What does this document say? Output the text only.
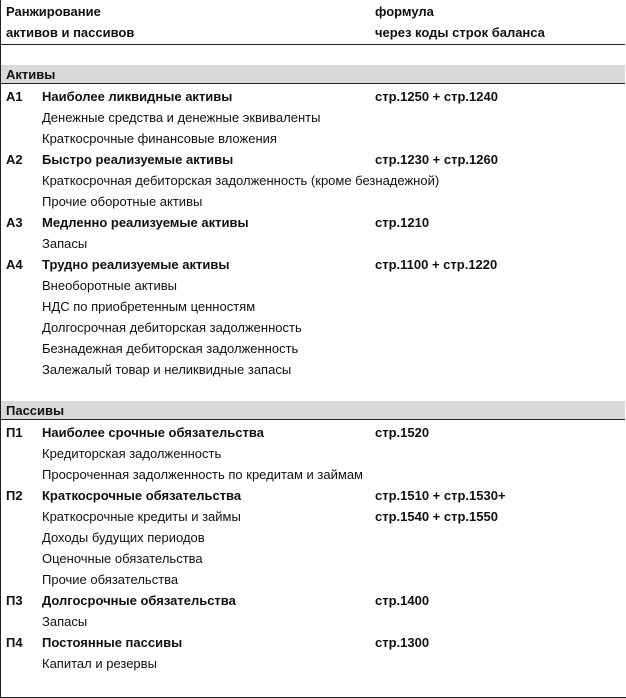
Ранжирование
активов и пассивов
формула
через коды строк баланса
Активы
А1 Наиболее ликвидные активы	стр.1250 + стр.1240
Денежные средства и денежные эквиваленты
Краткосрочные финансовые вложения
А2 Быстро реализуемые активы	стр.1230 + стр.1260
Краткосрочная дебиторская задолженность (кроме безнадежной)
Прочие оборотные активы
А3 Медленно реализуемые активы	стр.1210
Запасы
А4 Трудно реализуемые активы	стр.1100 + стр.1220
Внеоборотные активы
НДС по приобретенным ценностям
Долгосрочная дебиторская задолженность
Безнадежная дебиторская задолженность
Залежалый товар и неликвидные запасы
Пассивы
П1 Наиболее срочные обязательства	стр.1520
Кредиторская задолженность
Просроченная задолженность по кредитам и займам
П2 Краткосрочные обязательства	стр.1510 + стр.1530+
Краткосрочные кредиты и займы	стр.1540 + стр.1550
Доходы будущих периодов
Оценочные обязательства
Прочие обязательства
П3 Долгосрочные обязательства	стр.1400
Запасы
П4 Постоянные пассивы	стр.1300
Капитал и резервы
